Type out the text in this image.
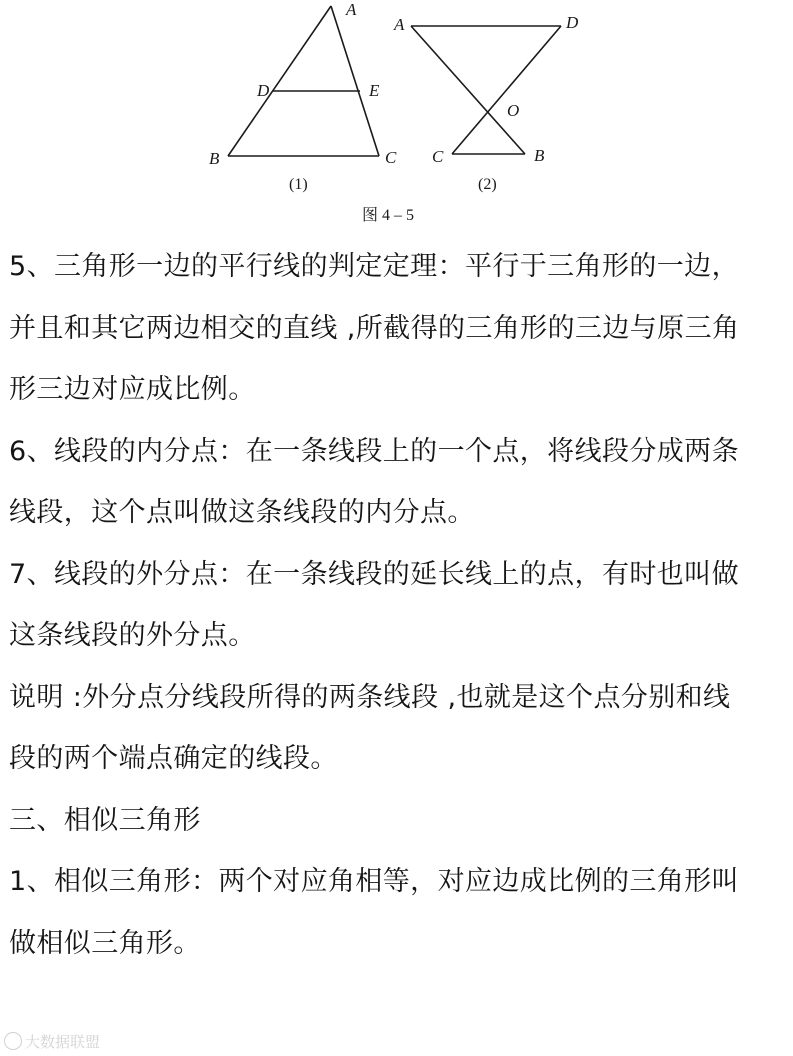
A
D	E
B	C
(1)
A	D
O
C	B
(2)
图 4 – 5
5、三角形一边的平行线的判定定理：平行于三角形的一边，
并且和其它两边相交的直线 ,所截得的三角形的三边与原三角
形三边对应成比例。
6、线段的内分点：在一条线段上的一个点，将线段分成两条
线段，这个点叫做这条线段的内分点。
7、线段的外分点：在一条线段的延长线上的点，有时也叫做
这条线段的外分点。
说明 :外分点分线段所得的两条线段 ,也就是这个点分别和线
段的两个端点确定的线段。
三、相似三角形
1、相似三角形：两个对应角相等，对应边成比例的三角形叫
做相似三角形。
大数据联盟
